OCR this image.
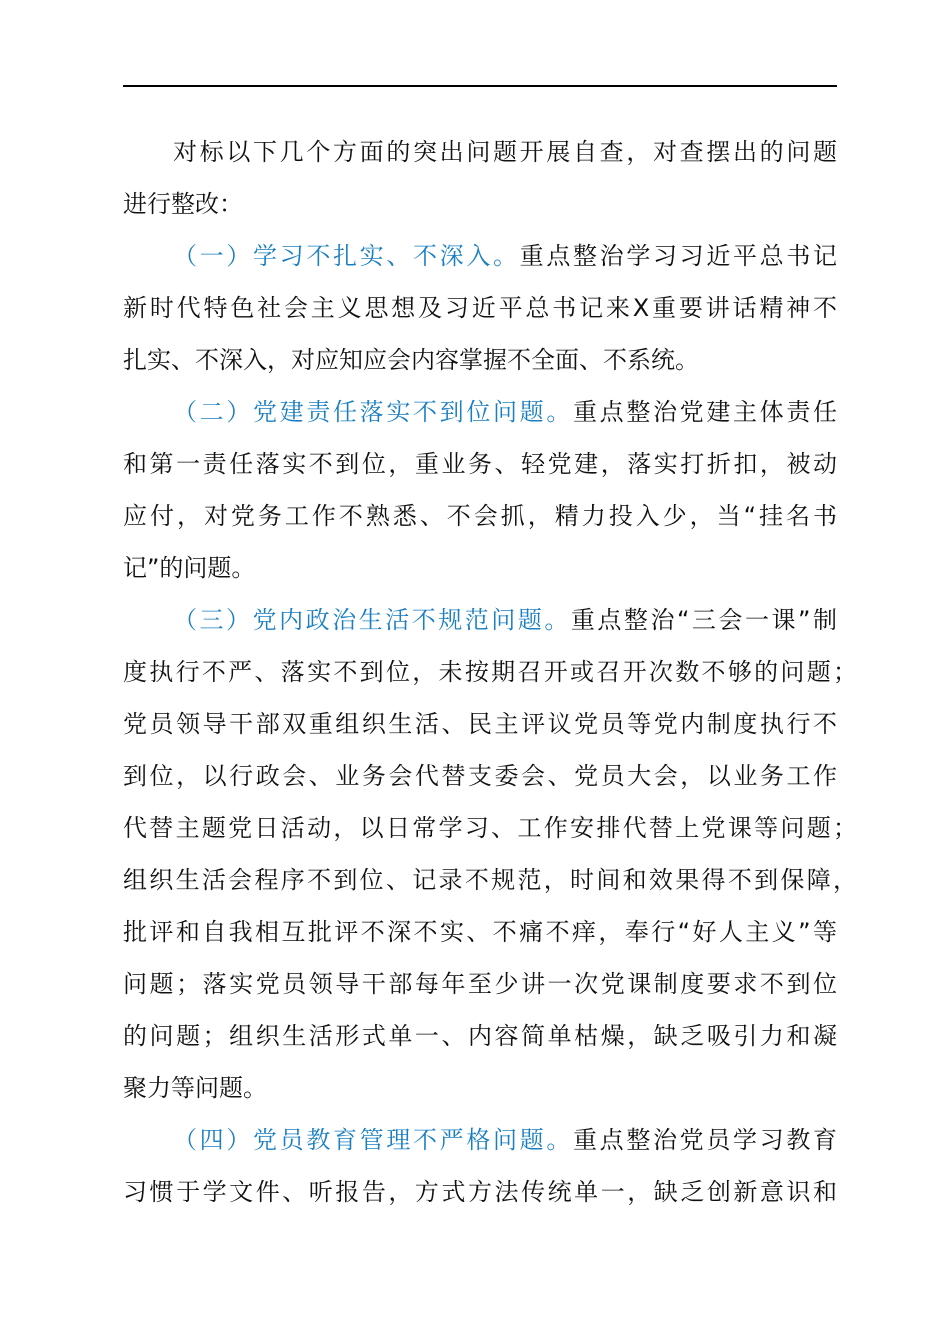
对标以下几个方面的突出问题开展自查，对查摆出的问题
进行整改：
（一）学习不扎实、不深入。重点整治学习习近平总书记
新时代特色社会主义思想及习近平总书记来X重要讲话精神不
扎实、不深入，对应知应会内容掌握不全面、不系统。
（二）党建责任落实不到位问题。重点整治党建主体责任
和第一责任落实不到位，重业务、轻党建，落实打折扣，被动
应付，对党务工作不熟悉、不会抓，精力投入少，当“挂名书
记”的问题。
（三）党内政治生活不规范问题。重点整治“三会一课”制
度执行不严、落实不到位，未按期召开或召开次数不够的问题；
党员领导干部双重组织生活、民主评议党员等党内制度执行不
到位，以行政会、业务会代替支委会、党员大会，以业务工作
代替主题党日活动，以日常学习、工作安排代替上党课等问题；
组织生活会程序不到位、记录不规范，时间和效果得不到保障，
批评和自我相互批评不深不实、不痛不痒，奉行“好人主义”等
问题；落实党员领导干部每年至少讲一次党课制度要求不到位
的问题；组织生活形式单一、内容简单枯燥，缺乏吸引力和凝
聚力等问题。
（四）党员教育管理不严格问题。重点整治党员学习教育
习惯于学文件、听报告，方式方法传统单一，缺乏创新意识和
